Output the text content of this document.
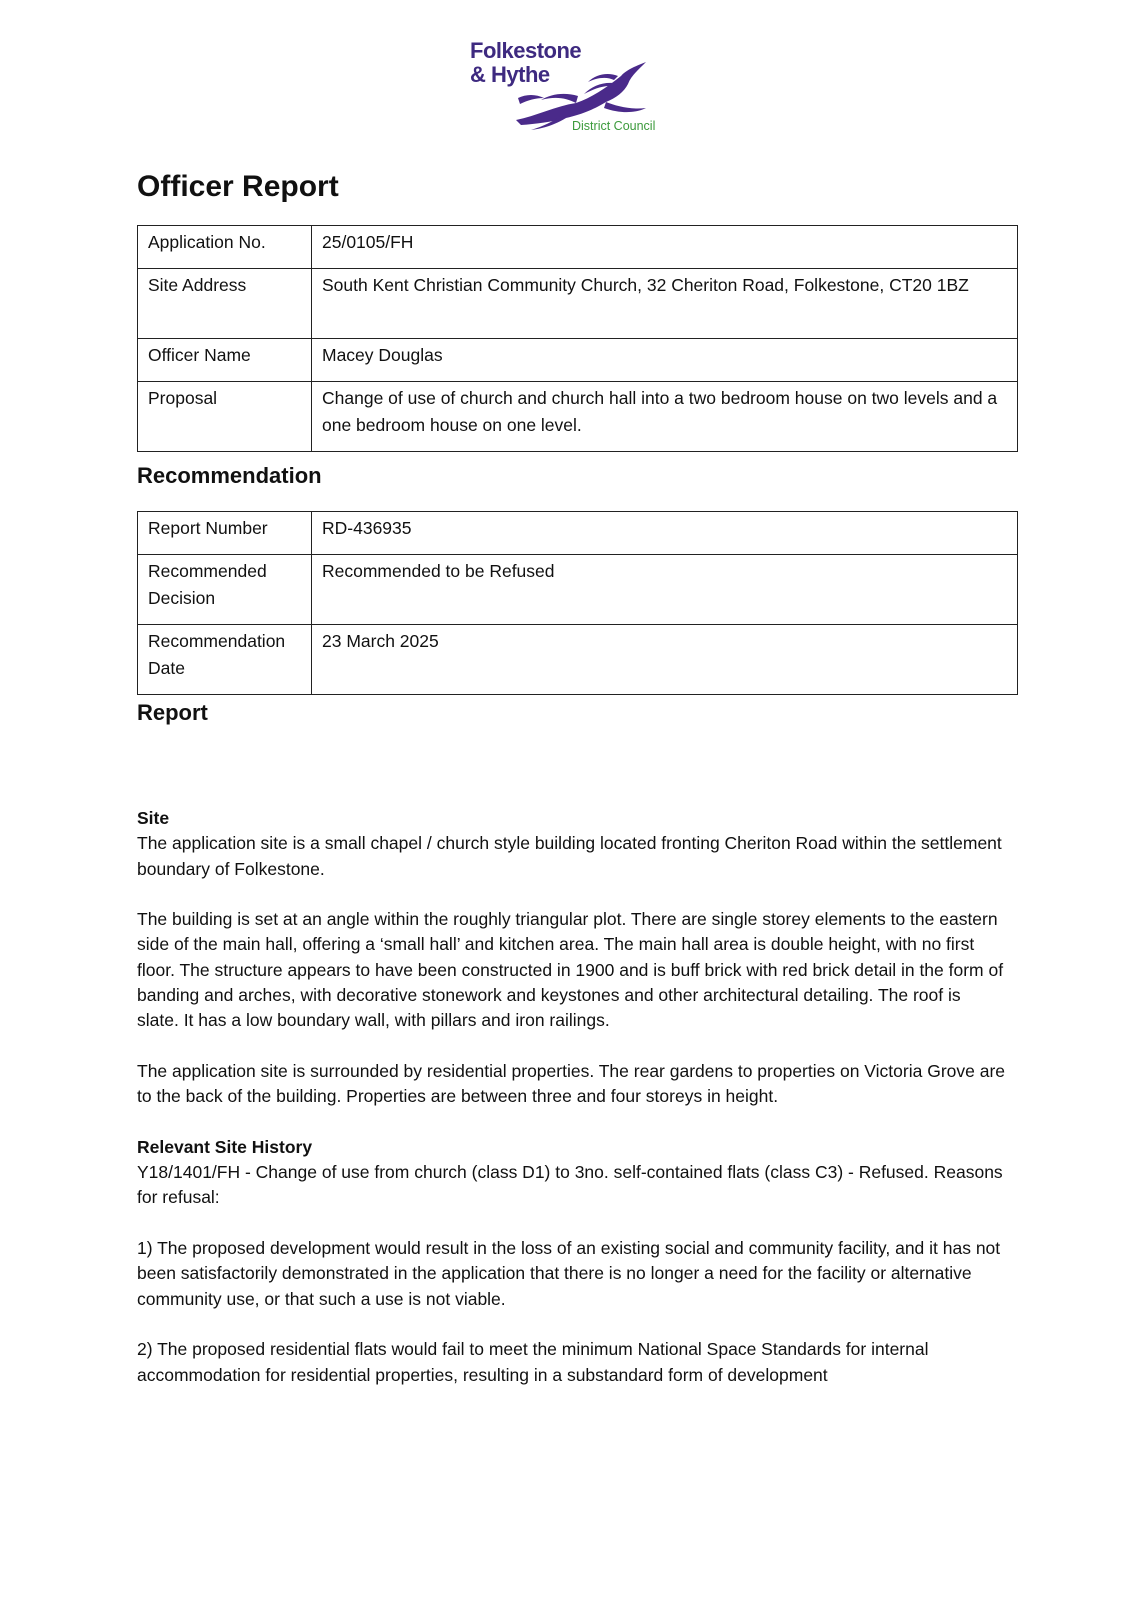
Folkestone
& Hythe
District Council
Officer Report
Application No.	25/0105/FH
Site Address	South Kent Christian Community Church, 32 Cheriton Road, Folkestone, CT20 1BZ
Officer Name	Macey Douglas
Proposal	Change of use of church and church hall into a two bedroom house on two levels and a one bedroom house on one level.
Recommendation
Report Number	RD-436935
Recommended Decision	Recommended to be Refused
Recommendation Date	23 March 2025
Report

Site

The application site is a small chapel / church style building located fronting Cheriton Road within the settlement boundary of Folkestone.

The building is set at an angle within the roughly triangular plot. There are single storey elements to the eastern side of the main hall, offering a ‘small hall’ and kitchen area. The main hall area is double height, with no first floor. The structure appears to have been constructed in 1900 and is buff brick with red brick detail in the form of banding and arches, with decorative stonework and keystones and other architectural detailing. The roof is slate. It has a low boundary wall, with pillars and iron railings.

The application site is surrounded by residential properties. The rear gardens to properties on Victoria Grove are to the back of the building. Properties are between three and four storeys in height.

Relevant Site History

Y18/1401/FH - Change of use from church (class D1) to 3no. self-contained flats (class C3) - Refused. Reasons for refusal:

1) The proposed development would result in the loss of an existing social and community facility, and it has not been satisfactorily demonstrated in the application that there is no longer a need for the facility or alternative community use, or that such a use is not viable.

2) The proposed residential flats would fail to meet the minimum National Space Standards for internal accommodation for residential properties, resulting in a substandard form of development
